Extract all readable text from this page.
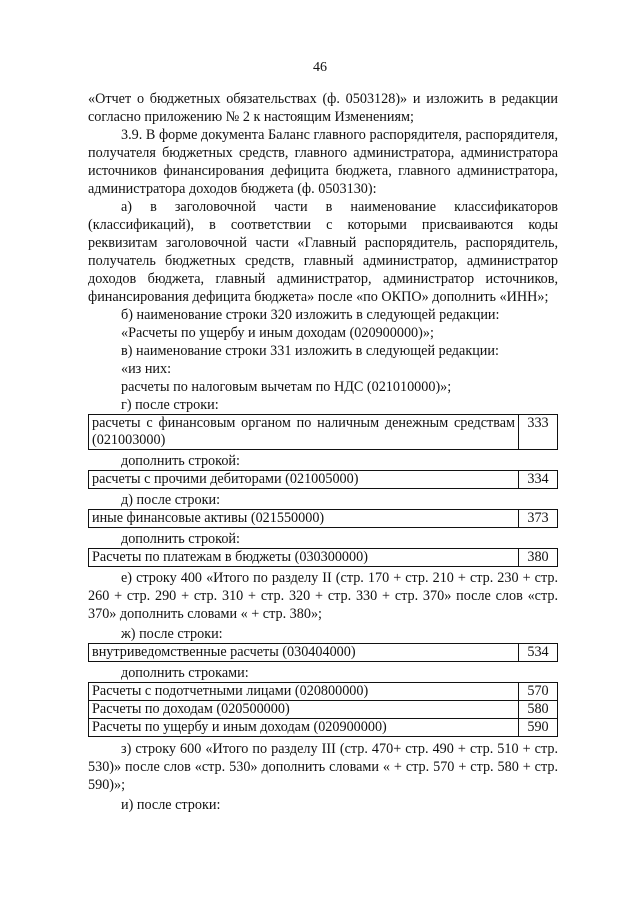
46

«Отчет о бюджетных обязательствах (ф. 0503128)» и изложить в редакции согласно приложению № 2 к настоящим Изменениям;

3.9. В форме документа Баланс главного распорядителя, распорядителя, получателя бюджетных средств, главного администратора, администратора источников финансирования дефицита бюджета, главного администратора, администратора доходов бюджета (ф. 0503130):

а) в заголовочной части в наименование классификаторов (классификаций), в соответствии с которыми присваиваются коды реквизитам заголовочной части «Главный распорядитель, распорядитель, получатель бюджетных средств, главный администратор, администратор доходов бюджета, главный администратор, администратор источников, финансирования дефицита бюджета» после «по ОКПО» дополнить «ИНН»;

б) наименование строки 320 изложить в следующей редакции:

«Расчеты по ущербу и иным доходам (020900000)»;

в) наименование строки 331 изложить в следующей редакции:

«из них:

расчеты по налоговым вычетам по НДС (021010000)»;

г) после строки:

расчеты с финансовым органом по наличным денежным средствам (021003000)	333

дополнить строкой:

расчеты с прочими дебиторами (021005000)	334

д) после строки:

иные финансовые активы (021550000)	373

дополнить строкой:

Расчеты по платежам в бюджеты (030300000)	380

е) строку 400 «Итого по разделу II (стр. 170 + стр. 210 + стр. 230 + стр. 260 + стр. 290 + стр. 310 + стр. 320 + стр. 330 + стр. 370» после слов «стр. 370» дополнить словами « + стр. 380»;

ж) после строки:

внутриведомственные расчеты (030404000)	534

дополнить строками:

Расчеты с подотчетными лицами (020800000)	570
Расчеты по доходам (020500000)	580
Расчеты по ущербу и иным доходам (020900000)	590

з) строку 600 «Итого по разделу III (стр. 470+ стр. 490 + стр. 510 + стр. 530)» после слов «стр. 530» дополнить словами « + стр. 570 + стр. 580 + стр. 590)»;

и) после строки:
